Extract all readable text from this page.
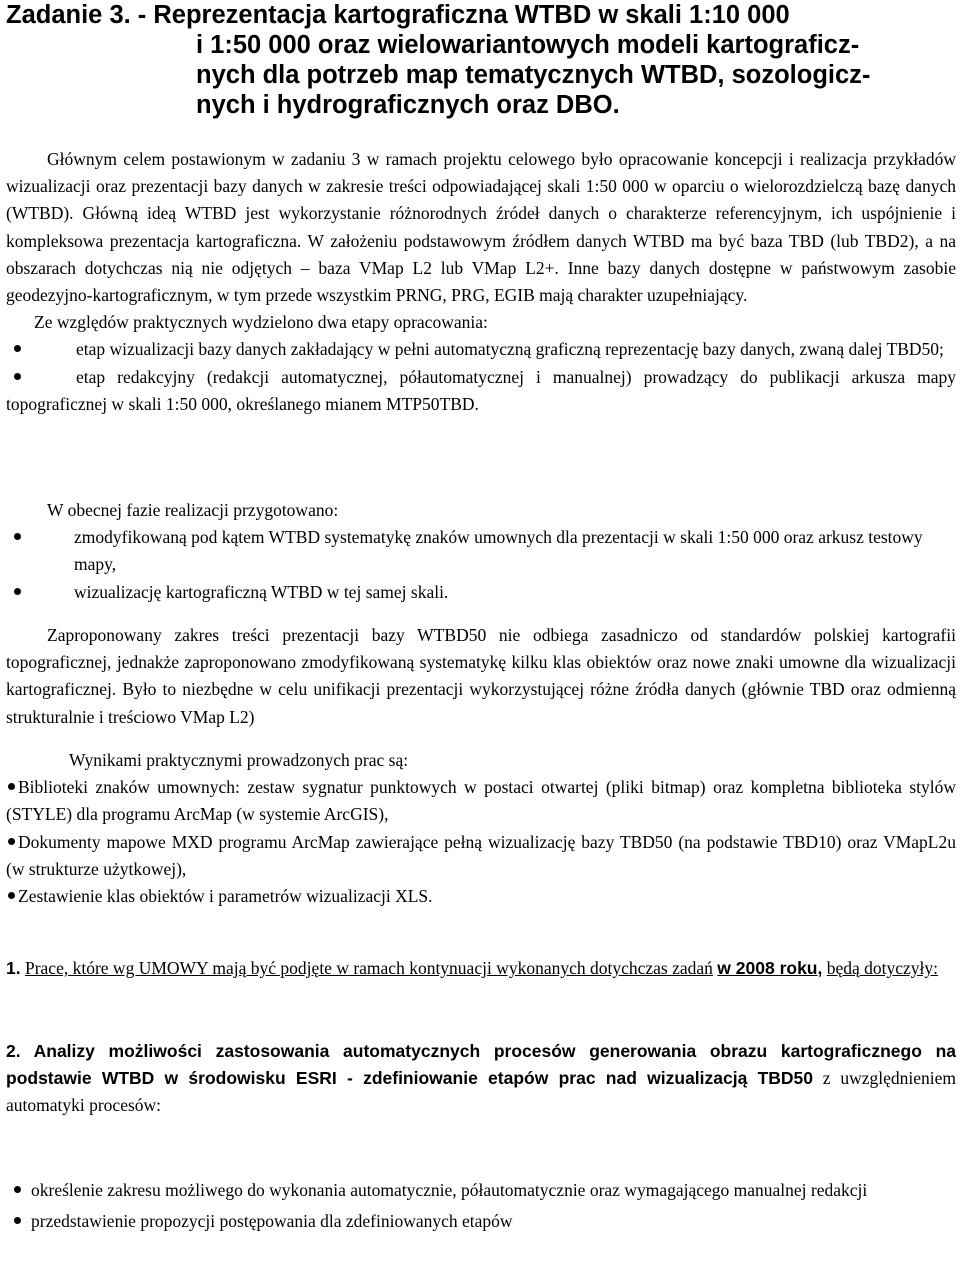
Zadanie 3. - Reprezentacja kartograficzna WTBD w skali 1:10 000
i 1:50 000 oraz wielowariantowych modeli kartograficz-
nych dla potrzeb map tematycznych WTBD, sozologicz-
nych i hydrograficznych oraz DBO.

Głównym celem postawionym w zadaniu 3 w ramach projektu celowego było opracowanie koncepcji i realizacja przykładów wizualizacji oraz prezentacji bazy danych w zakresie treści odpowiadającej skali 1:50 000 w oparciu o wielorozdzielczą bazę danych (WTBD). Główną ideą WTBD jest wykorzystanie różnorodnych źródeł danych o charakterze referencyjnym, ich uspójnienie i kompleksowa prezentacja kartograficzna. W założeniu podstawowym źródłem danych WTBD ma być baza TBD (lub TBD2), a na obszarach dotychczas nią nie odjętych – baza VMap L2 lub VMap L2+. Inne bazy danych dostępne w państwowym zasobie geodezyjno-kartograficznym, w tym przede wszystkim PRNG, PRG, EGIB mają charakter uzupełniający.

Ze względów praktycznych wydzielono dwa etapy opracowania:

etap wizualizacji bazy danych zakładający w pełni automatyczną graficzną reprezentację bazy danych, zwaną dalej TBD50;
etap redakcyjny (redakcji automatycznej, półautomatycznej i manualnej) prowadzący do publikacji arkusza mapy topograficznej w skali 1:50 000, określanego mianem MTP50TBD.

W obecnej fazie realizacji przygotowano:

zmodyfikowaną pod kątem WTBD systematykę znaków umownych dla prezentacji w skali 1:50 000 oraz arkusz testowy mapy,
wizualizację kartograficzną WTBD w tej samej skali.

Zaproponowany zakres treści prezentacji bazy WTBD50 nie odbiega zasadniczo od standardów polskiej kartografii topograficznej, jednakże zaproponowano zmodyfikowaną systematykę kilku klas obiektów oraz nowe znaki umowne dla wizualizacji kartograficznej. Było to niezbędne w celu unifikacji prezentacji wykorzystującej różne źródła danych (głównie TBD oraz odmienną strukturalnie i treściowo VMap L2)

Wynikami praktycznymi prowadzonych prac są:

Biblioteki znaków umownych: zestaw sygnatur punktowych w postaci otwartej (pliki bitmap) oraz kompletna biblioteka stylów (STYLE) dla programu ArcMap (w systemie ArcGIS),
Dokumenty mapowe MXD programu ArcMap zawierające pełną wizualizację bazy TBD50 (na podstawie TBD10) oraz VMapL2u (w strukturze użytkowej),
Zestawienie klas obiektów i parametrów wizualizacji XLS.

1. Prace, które wg UMOWY mają być podjęte w ramach kontynuacji wykonanych dotychczas zadań w 2008 roku, będą dotyczyły:

2. Analizy możliwości zastosowania automatycznych procesów generowania obrazu kartograficznego na podstawie WTBD w środowisku ESRI - zdefiniowanie etapów prac nad wizualizacją TBD50 z uwzględnieniem automatyki procesów:

określenie zakresu możliwego do wykonania automatycznie, półautomatycznie oraz wymagającego manualnej redakcji
przedstawienie propozycji postępowania dla zdefiniowanych etapów
